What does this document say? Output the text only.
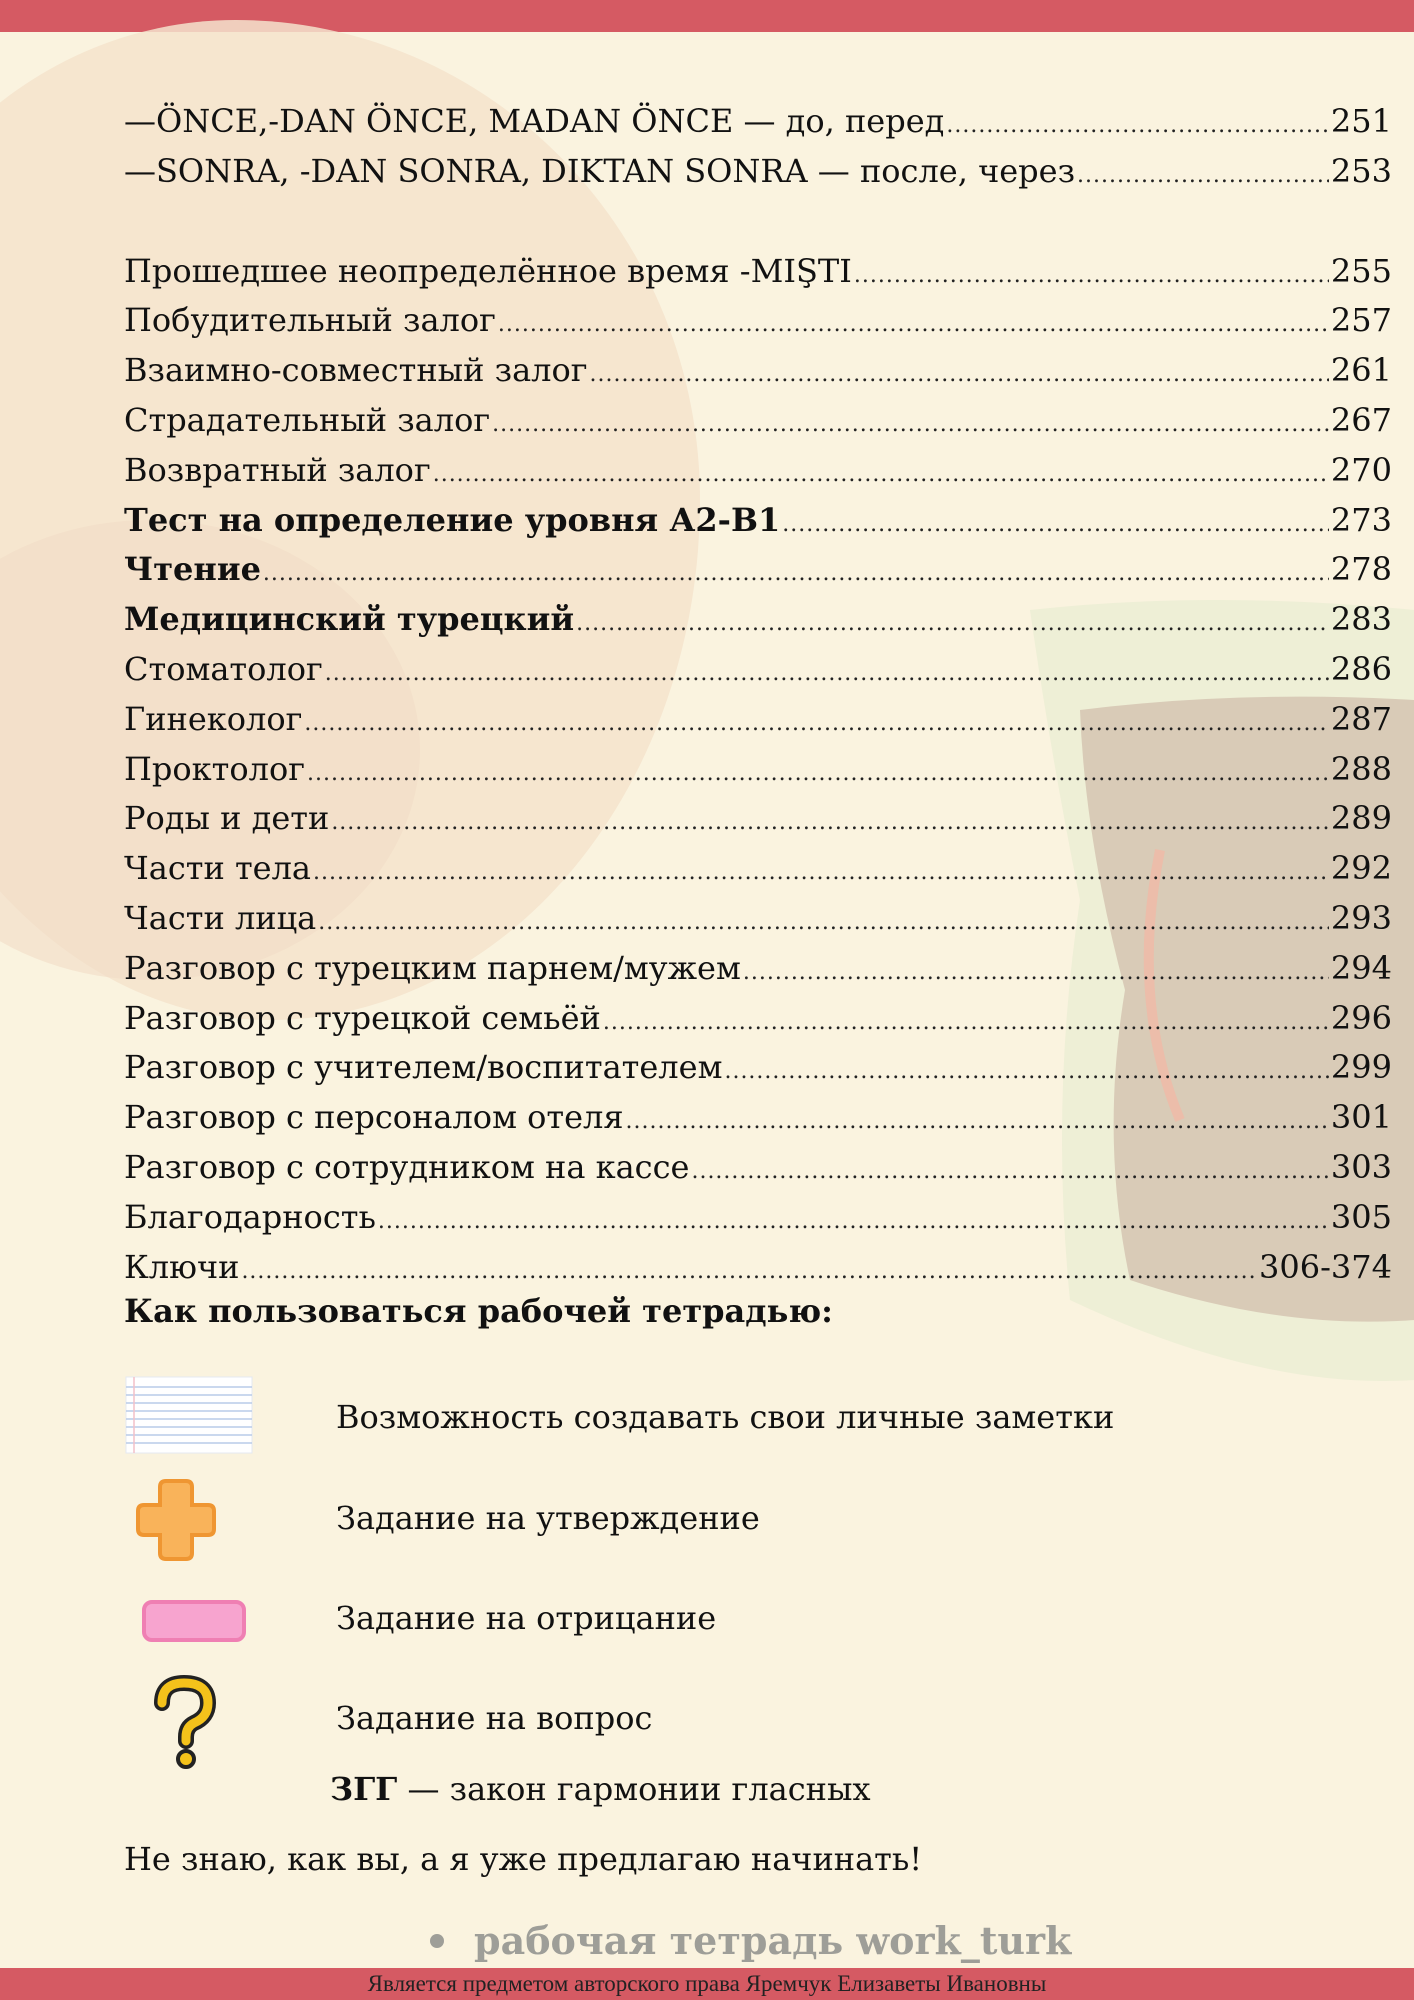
—ÖNCE,-DAN ÖNCE, MADAN ÖNCE — до, перед .....	251
—SONRA, -DAN SONRA, DIKTAN SONRA — после, через .....	253
Прошедшее неопределённое время -MIŞTI .....	255
Побудительный залог .....	257
Взаимно-совместный залог .....	261
Страдательный залог .....	267
Возвратный залог .....	270
Тест на определение уровня А2-В1 .....	273
Чтение .....	278
Медицинский турецкий .....	283
Стоматолог .....	286
Гинеколог .....	287
Проктолог .....	288
Роды и дети .....	289
Части тела .....	292
Части лица .....	293
Разговор с турецким парнем/мужем .....	294
Разговор с турецкой семьёй .....	296
Разговор с учителем/воспитателем .....	299
Разговор с персоналом отеля .....	301
Разговор с сотрудником на кассе .....	303
Благодарность .....	305
Ключи .....	306-374
Как пользоваться рабочей тетрадью:
Возможность создавать свои личные заметки
Задание на утверждение
Задание на отрицание
Задание на вопрос
ЗГГ — закон гармонии гласных
Не знаю, как вы, а я уже предлагаю начинать!
рабочая тетрадь work_turk
Является предметом авторского права Яремчук Елизаветы Ивановны
